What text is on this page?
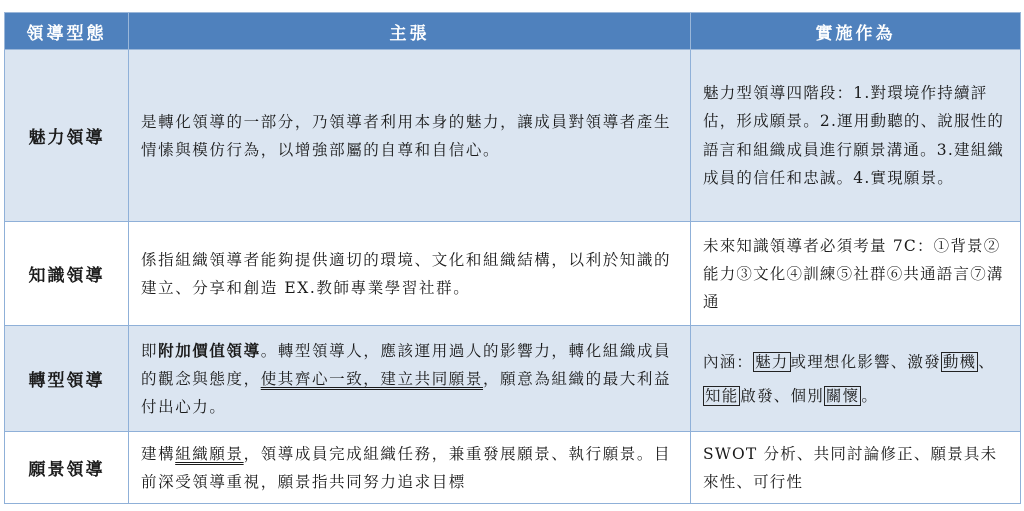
領導型態	主張	實施作為
魅力領導	是轉化領導的一部分，乃領導者利用本身的魅力，讓成員對領導者產生情愫與模仿行為，以增強部屬的自尊和自信心。	魅力型領導四階段：1.對環境作持續評估，形成願景。2.運用動聽的、說服性的語言和組織成員進行願景溝通。3.建組織成員的信任和忠誠。4.實現願景。

知識領導	係指組織領導者能夠提供適切的環境、文化和組織結構，以利於知識的建立、分享和創造 EX.教師專業學習社群。	未來知識領導者必須考量 7C：①背景②能力③文化④訓練⑤社群⑥共通語言⑦溝通

轉型領導	即附加價值領導。轉型領導人，應該運用過人的影響力，轉化組織成員的觀念與態度，使其齊心一致，建立共同願景，願意為組織的最大利益付出心力。	內涵： 魅力 或理想化影響、激發 動機 、知能 啟發、個別 關懷 。

願景領導	建構組織願景，領導成員完成組織任務，兼重發展願景、執行願景。目前深受領導重視，願景指共同努力追求目標	SWOT 分析、共同討論修正、願景具未來性、可行性
